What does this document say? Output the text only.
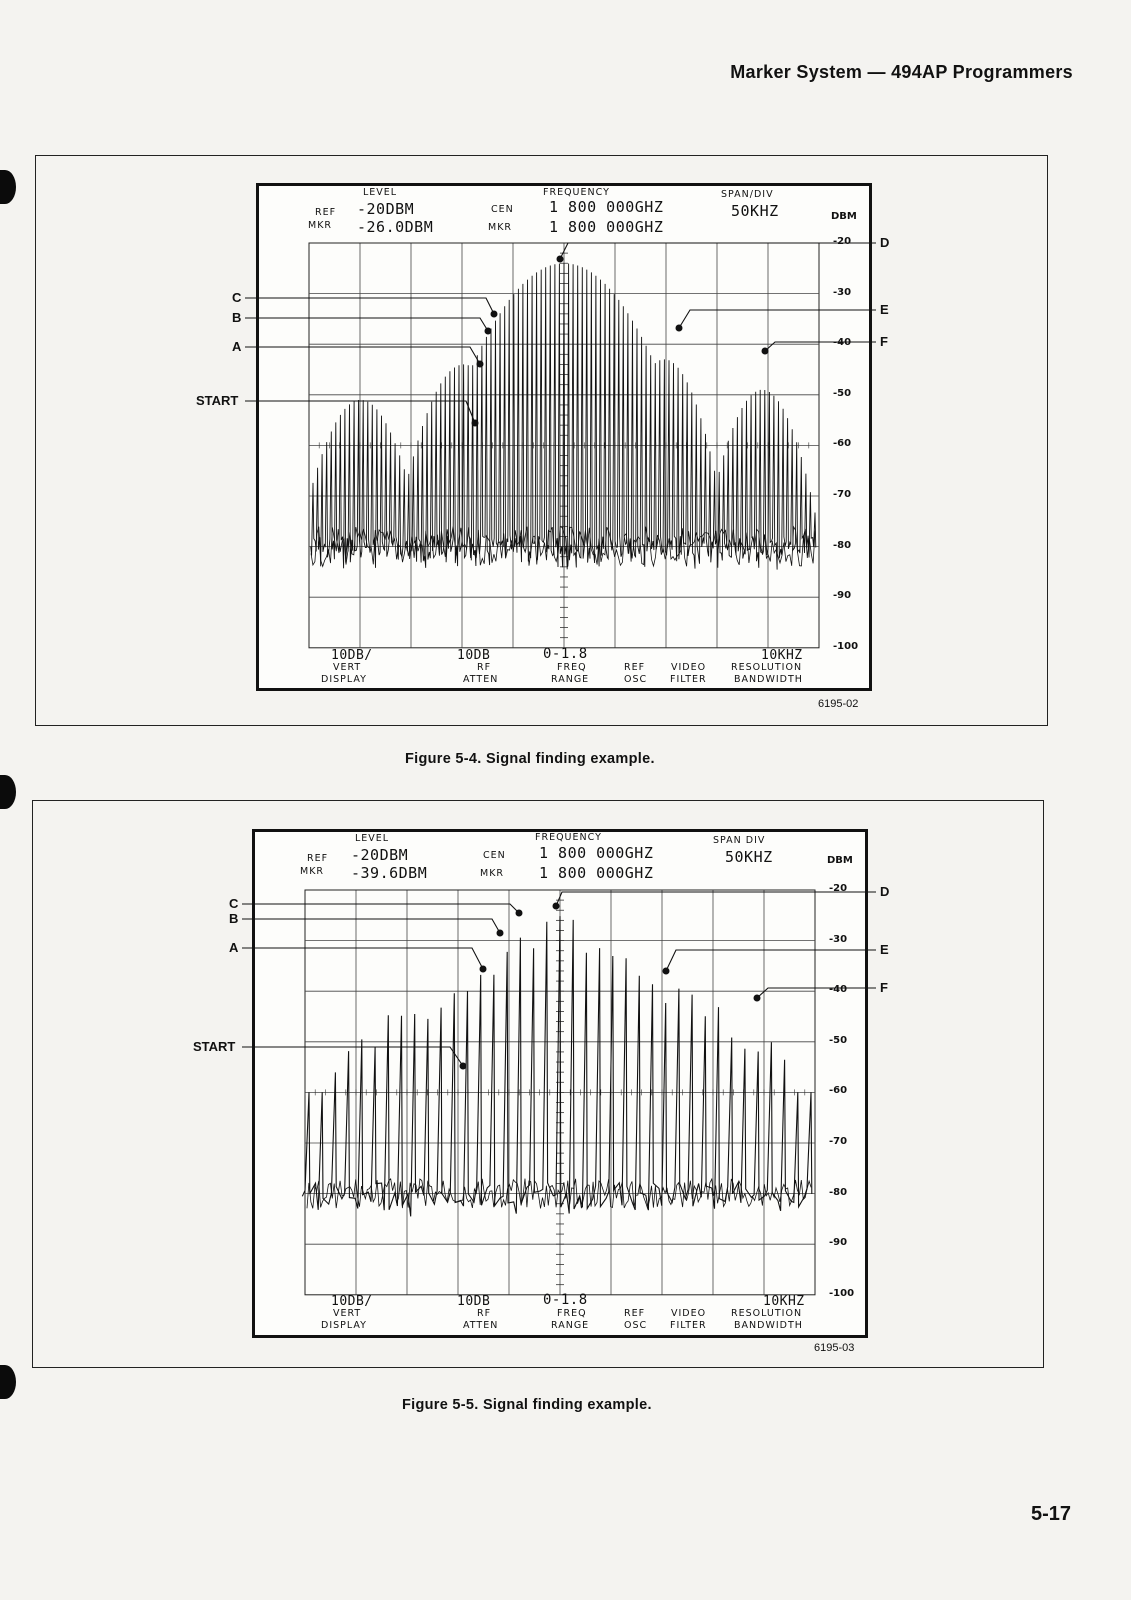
Marker System — 494AP Programmers
LEVEL	FREQUENCY	SPAN/DIV
REF -20DBM	CEN 1 800 000GHZ	50KHZ
MKR -26.0DBM	MKR 1 800 000GHZ
DBM
10DB/
VERT
DISPLAY
10DB
RF
ATTEN
0-1.8
FREQ
RANGE
REF
OSC
VIDEO
FILTER
10KHZ
RESOLUTION
BANDWIDTH
-20
-30
-40
-50
-60
-70
-80
-90
-100
6195-02
Figure 5-4. Signal finding example.
LEVEL	FREQUENCY	SPAN DIV
REF -20DBM	CEN 1 800 000GHZ	50KHZ
MKR -39.6DBM	MKR 1 800 000GHZ
DBM
10DB/
VERT
DISPLAY
10DB
RF
ATTEN
0-1.8
FREQ
RANGE
REF
OSC
VIDEO
FILTER
10KHZ
RESOLUTION
BANDWIDTH
-20
-30
-40
-50
-60
-70
-80
-90
-100
6195-03
Figure 5-5. Signal finding example.
5-17
START
A
B
C
D
E
F
START
A
B
C
D
E
F
